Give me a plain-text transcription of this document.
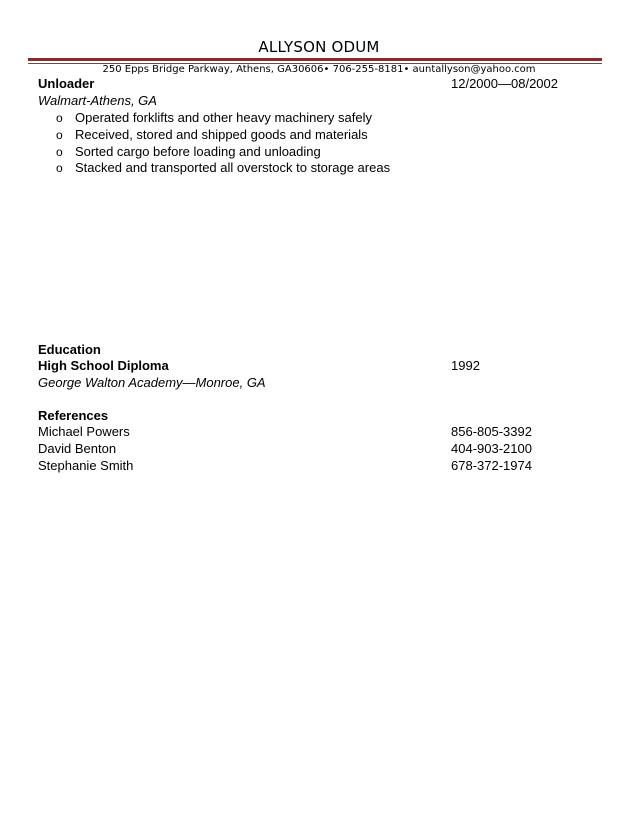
ALLYSON ODUM
250 Epps Bridge Parkway, Athens, GA30606• 706-255-8181• auntallyson@yahoo.com
Unloader	12/2000—08/2002
Walmart-Athens, GA
o Operated forklifts and other heavy machinery safely
o Received, stored and shipped goods and materials
o Sorted cargo before loading and unloading
o Stacked and transported all overstock to storage areas
Education
High School Diploma	1992
George Walton Academy—Monroe, GA
References
Michael Powers	856-805-3392
David Benton	404-903-2100
Stephanie Smith	678-372-1974
